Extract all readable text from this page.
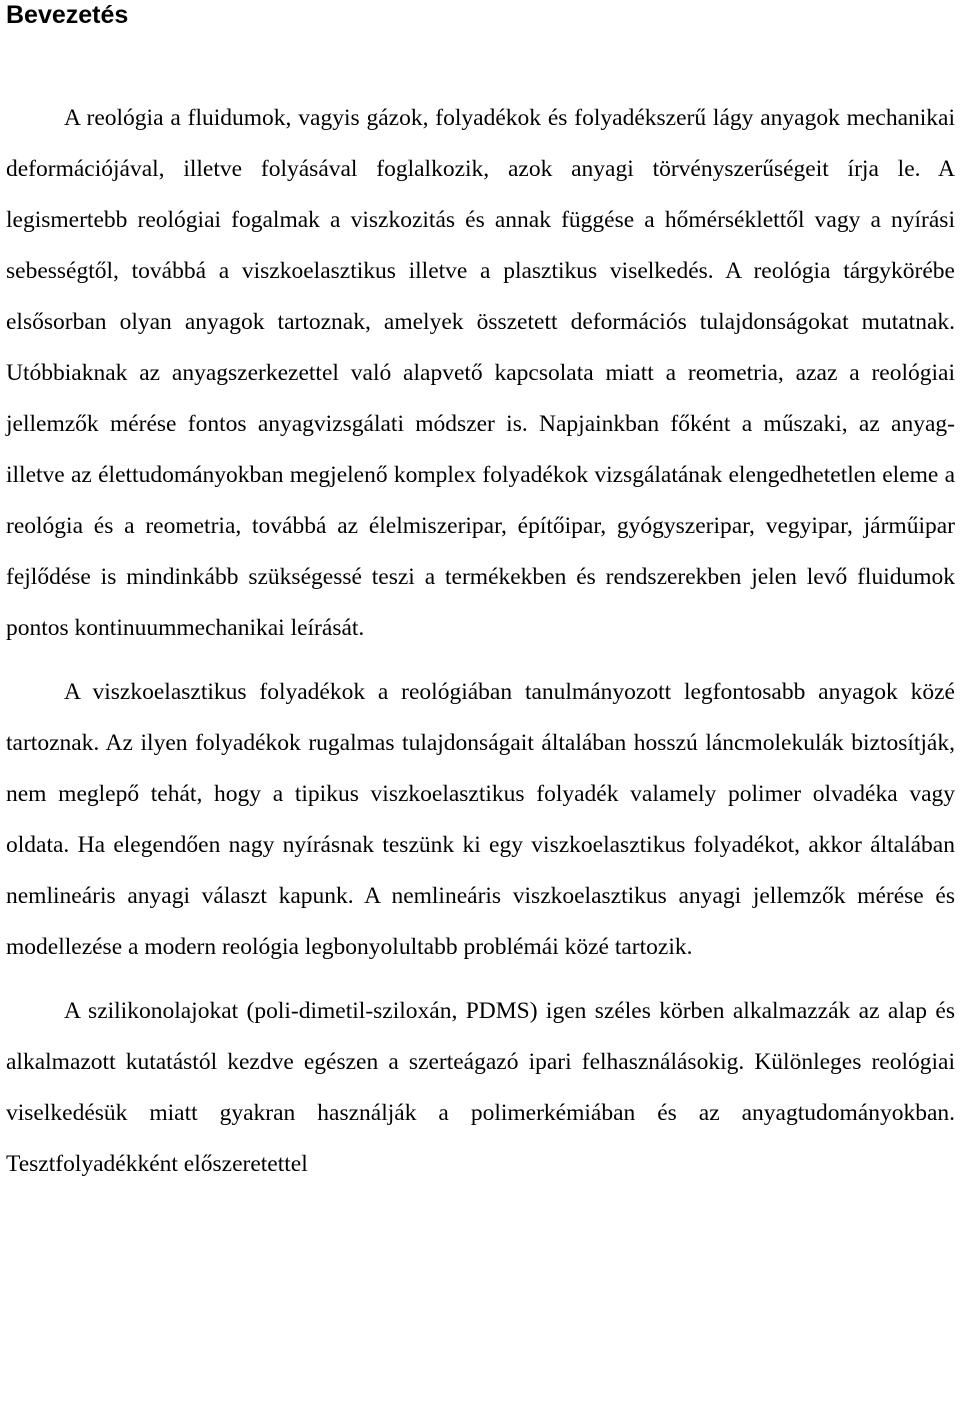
Bevezetés

A reológia a fluidumok, vagyis gázok, folyadékok és folyadékszerű lágy anyagok mechanikai deformációjával, illetve folyásával foglalkozik, azok anyagi törvényszerűségeit írja le. A legismertebb reológiai fogalmak a viszkozitás és annak függése a hőmérséklettől vagy a nyírási sebességtől, továbbá a viszkoelasztikus illetve a plasztikus viselkedés. A reológia tárgykörébe elsősorban olyan anyagok tartoznak, amelyek összetett deformációs tulajdonságokat mutatnak. Utóbbiaknak az anyagszerkezettel való alapvető kapcsolata miatt a reometria, azaz a reológiai jellemzők mérése fontos anyagvizsgálati módszer is. Napjainkban főként a műszaki, az anyag- illetve az élettudományokban megjelenő komplex folyadékok vizsgálatának elengedhetetlen eleme a reológia és a reometria, továbbá az élelmiszeripar, építőipar, gyógyszeripar, vegyipar, járműipar fejlődése is mindinkább szükségessé teszi a termékekben és rendszerekben jelen levő fluidumok pontos kontinuummechanikai leírását.

A viszkoelasztikus folyadékok a reológiában tanulmányozott legfontosabb anyagok közé tartoznak. Az ilyen folyadékok rugalmas tulajdonságait általában hosszú láncmolekulák biztosítják, nem meglepő tehát, hogy a tipikus viszkoelasztikus folyadék valamely polimer olvadéka vagy oldata. Ha elegendően nagy nyírásnak teszünk ki egy viszkoelasztikus folyadékot, akkor általában nemlineáris anyagi választ kapunk. A nemlineáris viszkoelasztikus anyagi jellemzők mérése és modellezése a modern reológia legbonyolultabb problémái közé tartozik.

A szilikonolajokat (poli-dimetil-sziloxán, PDMS) igen széles körben alkalmazzák az alap és alkalmazott kutatástól kezdve egészen a szerteágazó ipari felhasználásokig. Különleges reológiai viselkedésük miatt gyakran használják a polimerkémiában és az anyagtudományokban. Tesztfolyadékként előszeretettel
